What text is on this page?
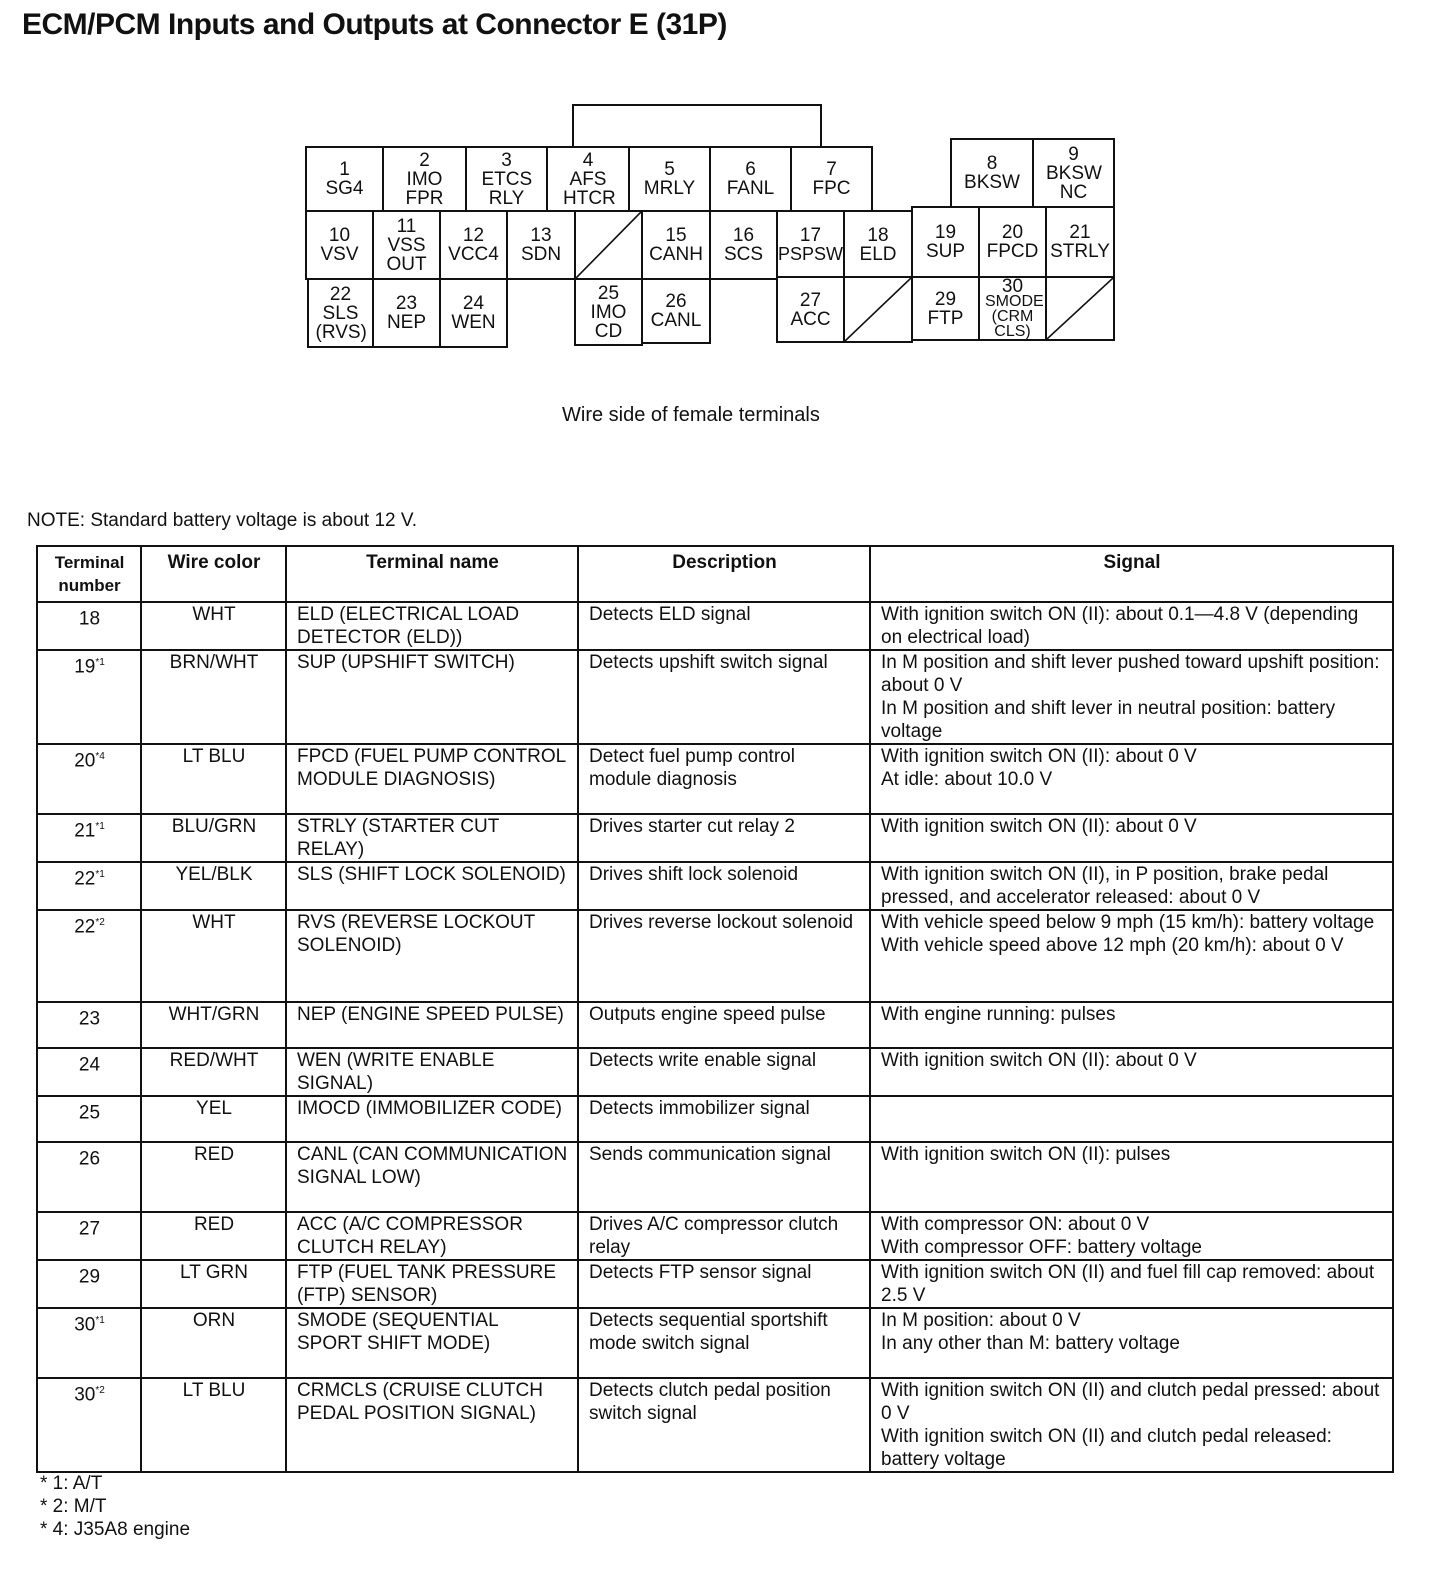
ECM/PCM Inputs and Outputs at Connector E (31P)
1
SG4
2
IMO FPR
3
ETCS RLY
4
AFS HTCR
5
MRLY
6
FANL
7
FPC
8
BKSW
9
BKSW NC
10
VSV
11
VSS OUT
12
VCC4
13
SDN
15
CANH
16
SCS
17
PSPSW
18
ELD
19
SUP
20
FPCD
21
STRLY
22
SLS (RVS)
23
NEP
24
WEN
25
IMO CD
26
CANL
27
ACC
29
FTP
30
SMODE (CRM CLS)
Wire side of female terminals
NOTE: Standard battery voltage is about 12 V.
Terminal number	Wire color	Terminal name	Description	Signal
18	WHT	ELD (ELECTRICAL LOAD DETECTOR (ELD))	Detects ELD signal	With ignition switch ON (II): about 0.1—4.8 V (depending on electrical load)
19$^{*1}$	BRN/WHT	SUP (UPSHIFT SWITCH)	Detects upshift switch signal	In M position and shift lever pushed toward upshift position: about 0 V
In M position and shift lever in neutral position: battery voltage
20$^{*4}$	LT BLU	FPCD (FUEL PUMP CONTROL MODULE DIAGNOSIS)	Detect fuel pump control module diagnosis	With ignition switch ON (II): about 0 V
At idle: about 10.0 V
21$^{*1}$	BLU/GRN	STRLY (STARTER CUT RELAY)	Drives starter cut relay 2	With ignition switch ON (II): about 0 V
22$^{*1}$	YEL/BLK	SLS (SHIFT LOCK SOLENOID)	Drives shift lock solenoid	With ignition switch ON (II), in P position, brake pedal pressed, and accelerator released: about 0 V
22$^{*2}$	WHT	RVS (REVERSE LOCKOUT SOLENOID)	Drives reverse lockout solenoid	With vehicle speed below 9 mph (15 km/h): battery voltage
With vehicle speed above 12 mph (20 km/h): about 0 V
23	WHT/GRN	NEP (ENGINE SPEED PULSE)	Outputs engine speed pulse	With engine running: pulses
24	RED/WHT	WEN (WRITE ENABLE SIGNAL)	Detects write enable signal	With ignition switch ON (II): about 0 V
25	YEL	IMOCD (IMMOBILIZER CODE)	Detects immobilizer signal	
26	RED	CANL (CAN COMMUNICATION SIGNAL LOW)	Sends communication signal	With ignition switch ON (II): pulses
27	RED	ACC (A/C COMPRESSOR CLUTCH RELAY)	Drives A/C compressor clutch relay	With compressor ON: about 0 V
With compressor OFF: battery voltage
29	LT GRN	FTP (FUEL TANK PRESSURE (FTP) SENSOR)	Detects FTP sensor signal	With ignition switch ON (II) and fuel fill cap removed: about 2.5 V
30$^{*1}$	ORN	SMODE (SEQUENTIAL SPORT SHIFT MODE)	Detects sequential sportshift mode switch signal	In M position: about 0 V
In any other than M: battery voltage
30$^{*2}$	LT BLU	CRMCLS (CRUISE CLUTCH PEDAL POSITION SIGNAL)	Detects clutch pedal position switch signal	With ignition switch ON (II) and clutch pedal pressed: about 0 V
With ignition switch ON (II) and clutch pedal released: battery voltage
* 1: A/T
* 2: M/T
* 4: J35A8 engine
